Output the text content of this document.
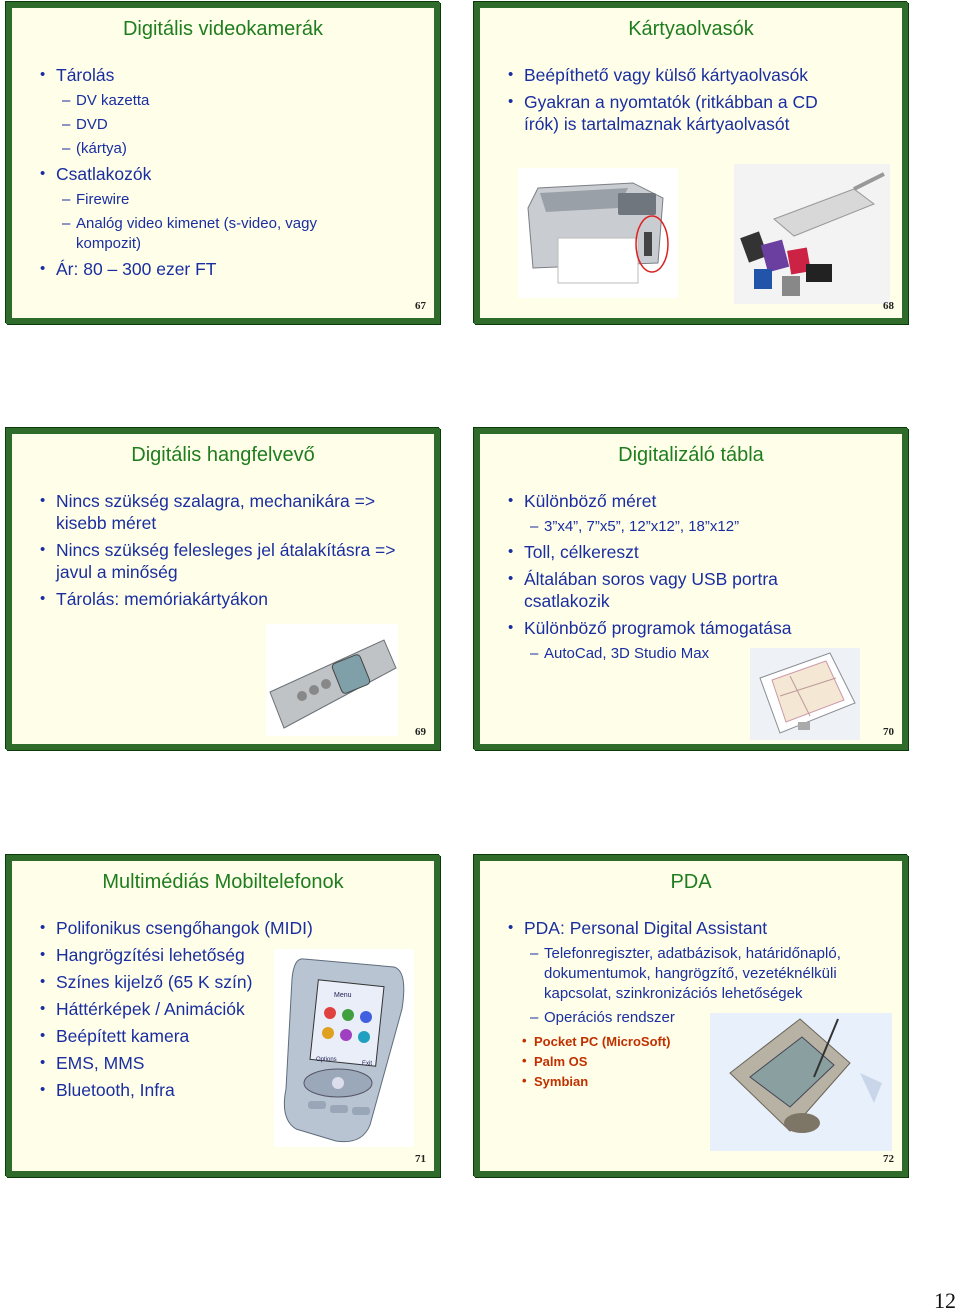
Digitális videokamerák
• Tárolás
– DV kazetta
– DVD
– (kártya)
• Csatlakozók
– Firewire
– Analóg video kimenet (s-video, vagy kompozit)
• Ár: 80 – 300 ezer FT
67
Kártyaolvasók
• Beépíthető vagy külső kártyaolvasók
• Gyakran a nyomtatók (ritkábban a CD írók) is tartalmaznak kártyaolvasót
68
Digitális hangfelvevő
• Nincs szükség szalagra, mechanikára => kisebb méret
• Nincs szükség felesleges jel átalakításra => javul a minőség
• Tárolás: memóriakártyákon
69
Digitalizáló tábla
• Különböző méret
– 3”x4”, 7”x5”, 12”x12”, 18”x12”
• Toll, célkereszt
• Általában soros vagy USB portra csatlakozik
• Különböző programok támogatása
– AutoCad, 3D Studio Max
70
Multimédiás Mobiltelefonok
• Polifonikus csengőhangok (MIDI)
• Hangrögzítési lehetőség
• Színes kijelző (65 K szín)
• Háttérképek / Animációk
• Beépített kamera
• EMS, MMS
• Bluetooth, Infra
Menu
Options
Exit
71
PDA
• PDA: Personal Digital Assistant
– Telefonregiszter, adatbázisok, határidőnapló, dokumentumok, hangrögzítő, vezetéknélküli kapcsolat, szinkronizációs lehetőségek
– Operációs rendszer
• Pocket PC (MicroSoft)
• Palm OS
• Symbian
72
12
